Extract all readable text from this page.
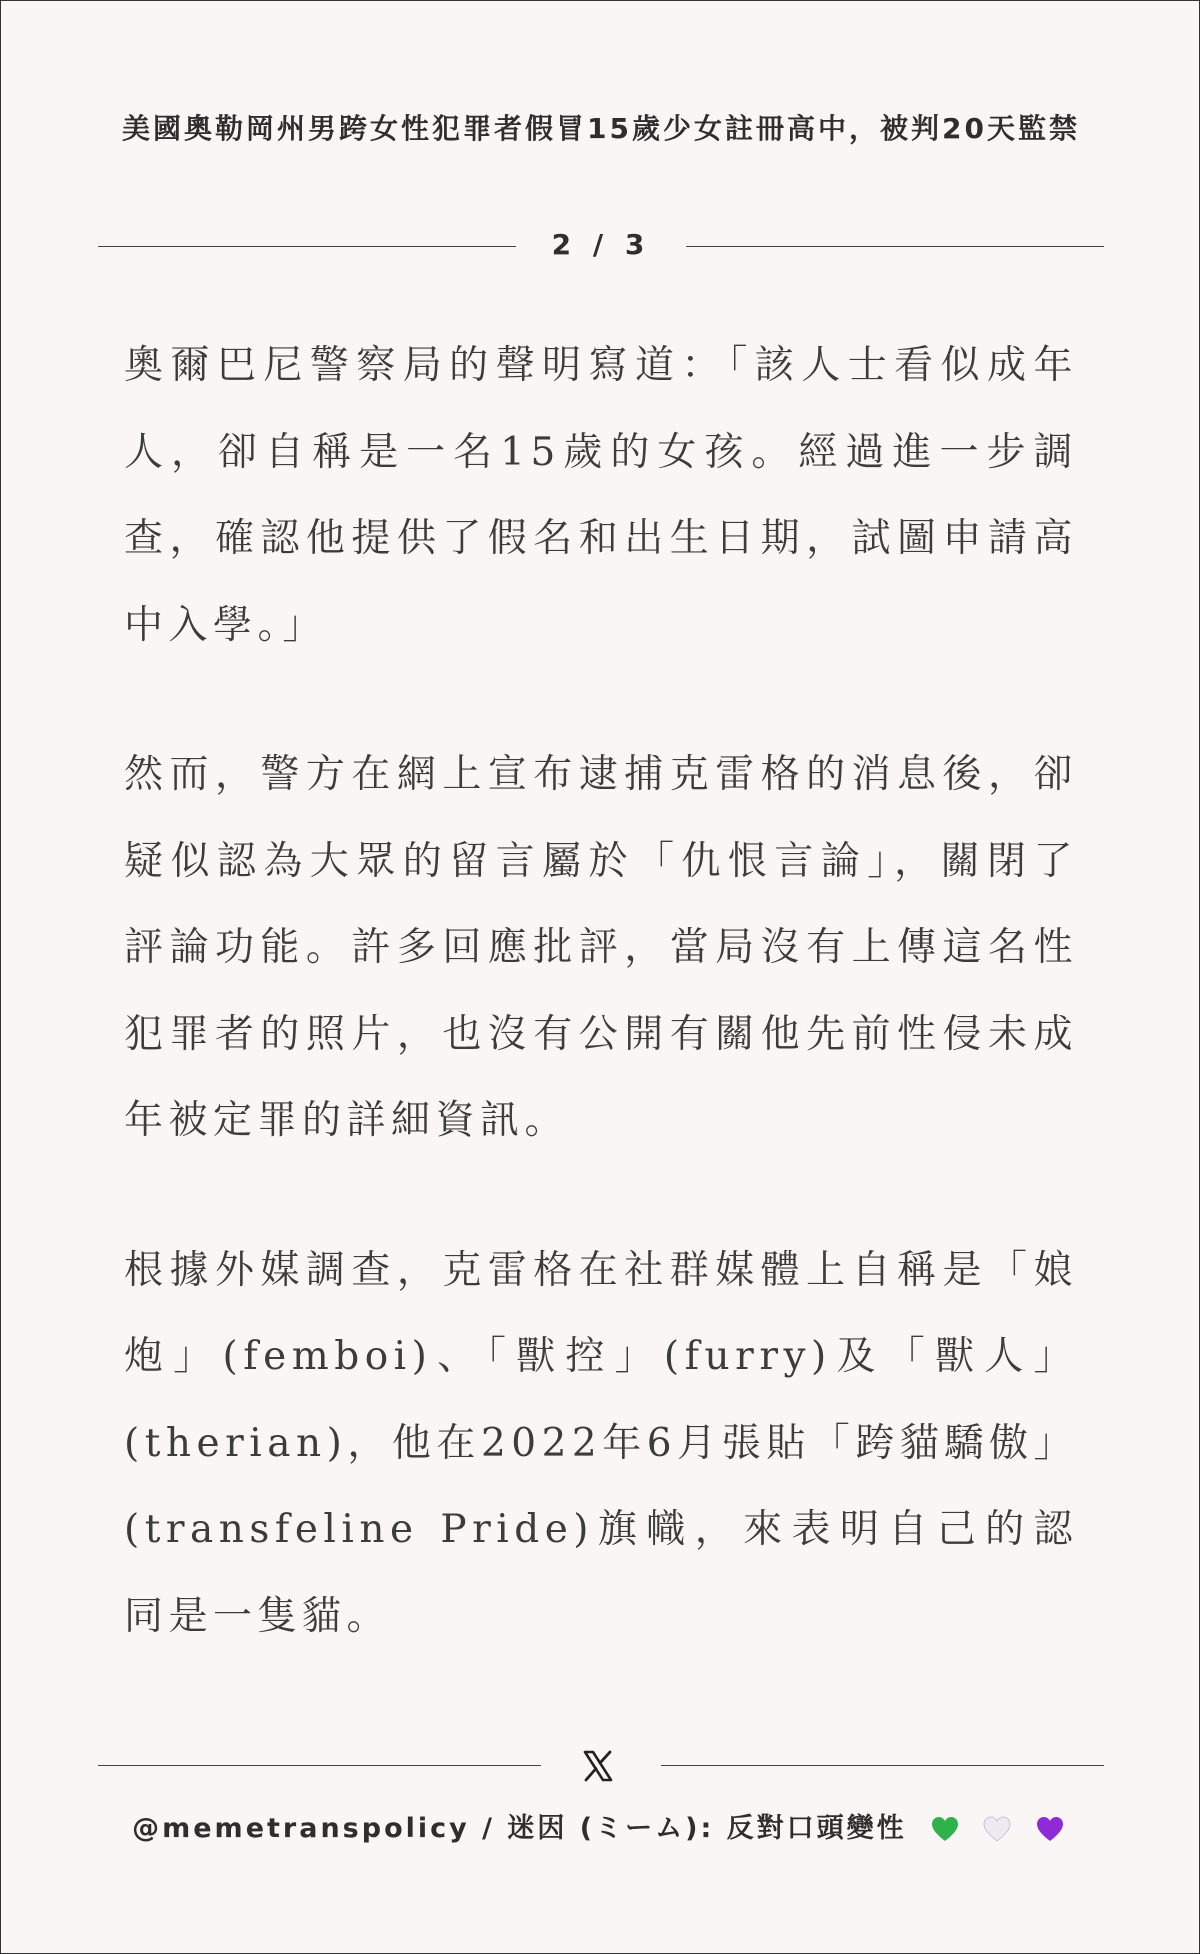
美國奧勒岡州男跨女性犯罪者假冒15歲少女註冊高中，被判20天監禁
2 / 3

奧爾巴尼警察局的聲明寫道：「該人士看似成年人，卻自稱是一名15歲的女孩。經過進一步調查，確認他提供了假名和出生日期，試圖申請高中入學。」

然而，警方在網上宣布逮捕克雷格的消息後，卻疑似認為大眾的留言屬於「仇恨言論」，關閉了評論功能。許多回應批評，當局沒有上傳這名性犯罪者的照片，也沒有公開有關他先前性侵未成年被定罪的詳細資訊。

根據外媒調查，克雷格在社群媒體上自稱是「娘炮」(femboi)、「獸控」(furry)及「獸人」(therian)，他在2022年6月張貼「跨貓驕傲」(transfeline Pride)旗幟，來表明自己的認同是一隻貓。

@memetranspolicy / 迷因 (ミーム): 反對口頭變性
